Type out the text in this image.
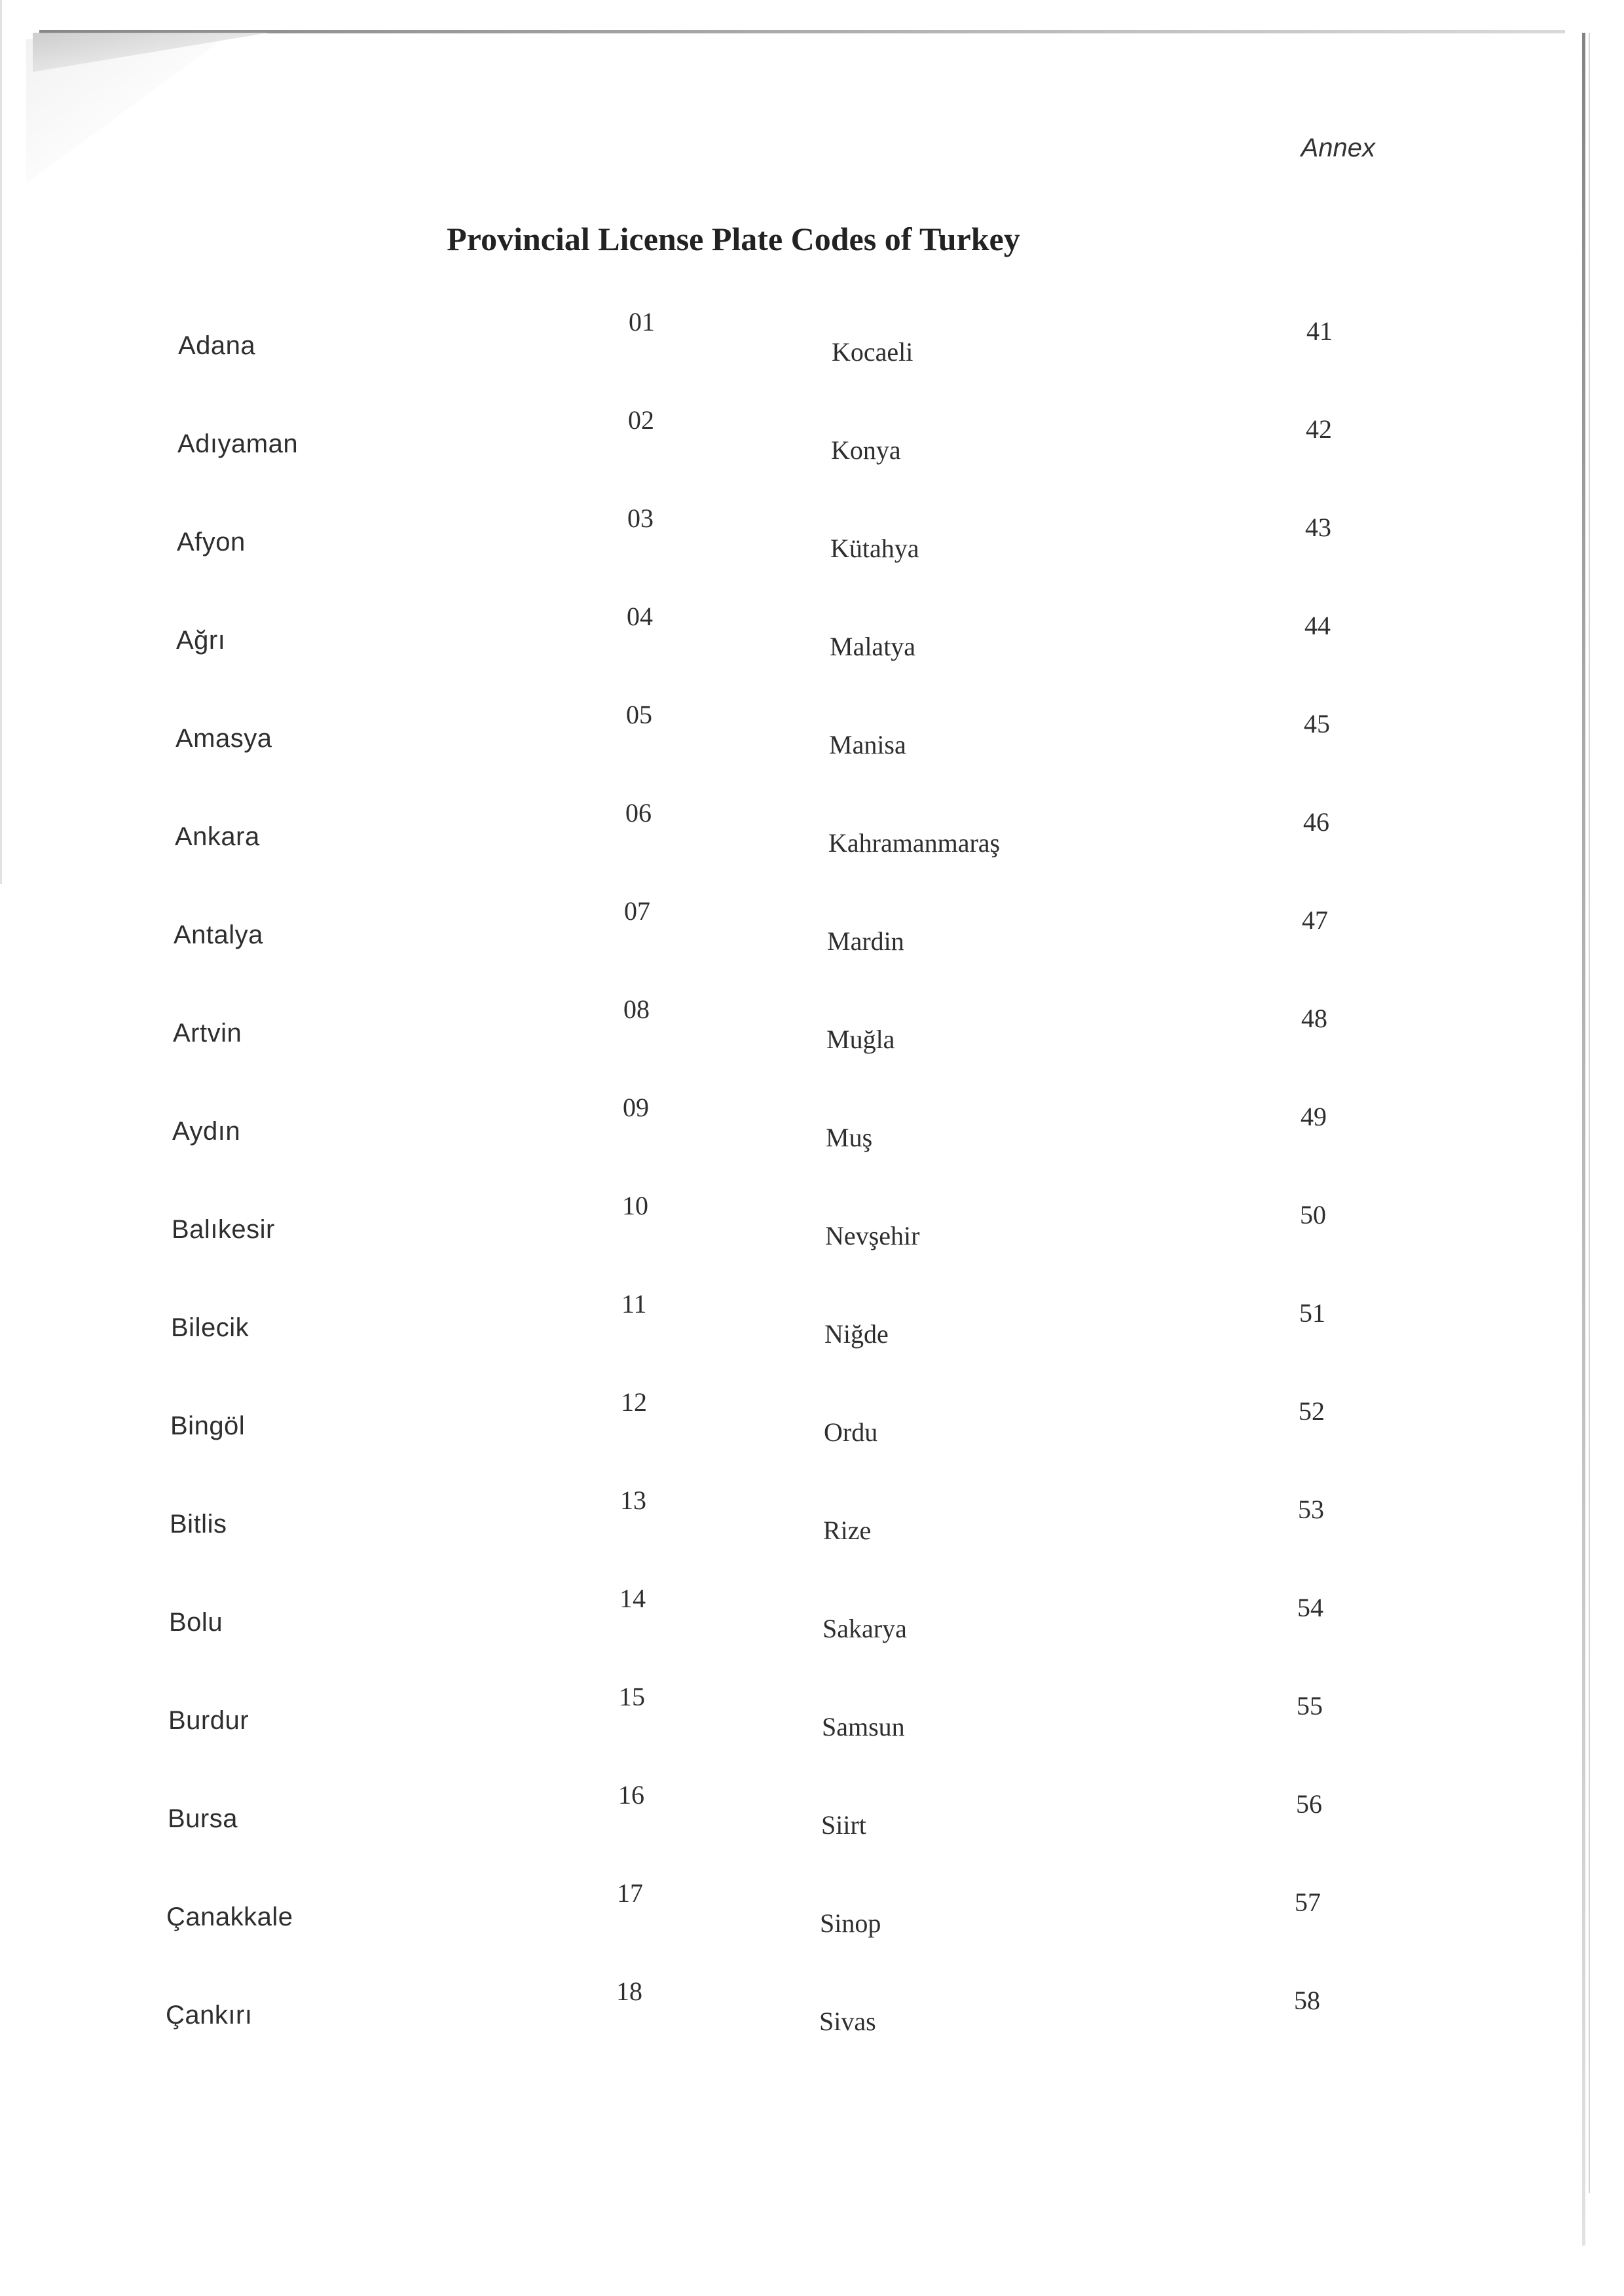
Annex
Provincial License Plate Codes of Turkey
Adana
01
Kocaeli
41
Adıyaman
02
Konya
42
Afyon
03
Kütahya
43
Ağrı
04
Malatya
44
Amasya
05
Manisa
45
Ankara
06
Kahramanmaraş
46
Antalya
07
Mardin
47
Artvin
08
Muğla
48
Aydın
09
Muş
49
Balıkesir
10
Nevşehir
50
Bilecik
11
Niğde
51
Bingöl
12
Ordu
52
Bitlis
13
Rize
53
Bolu
14
Sakarya
54
Burdur
15
Samsun
55
Bursa
16
Siirt
56
Çanakkale
17
Sinop
57
Çankırı
18
Sivas
58
